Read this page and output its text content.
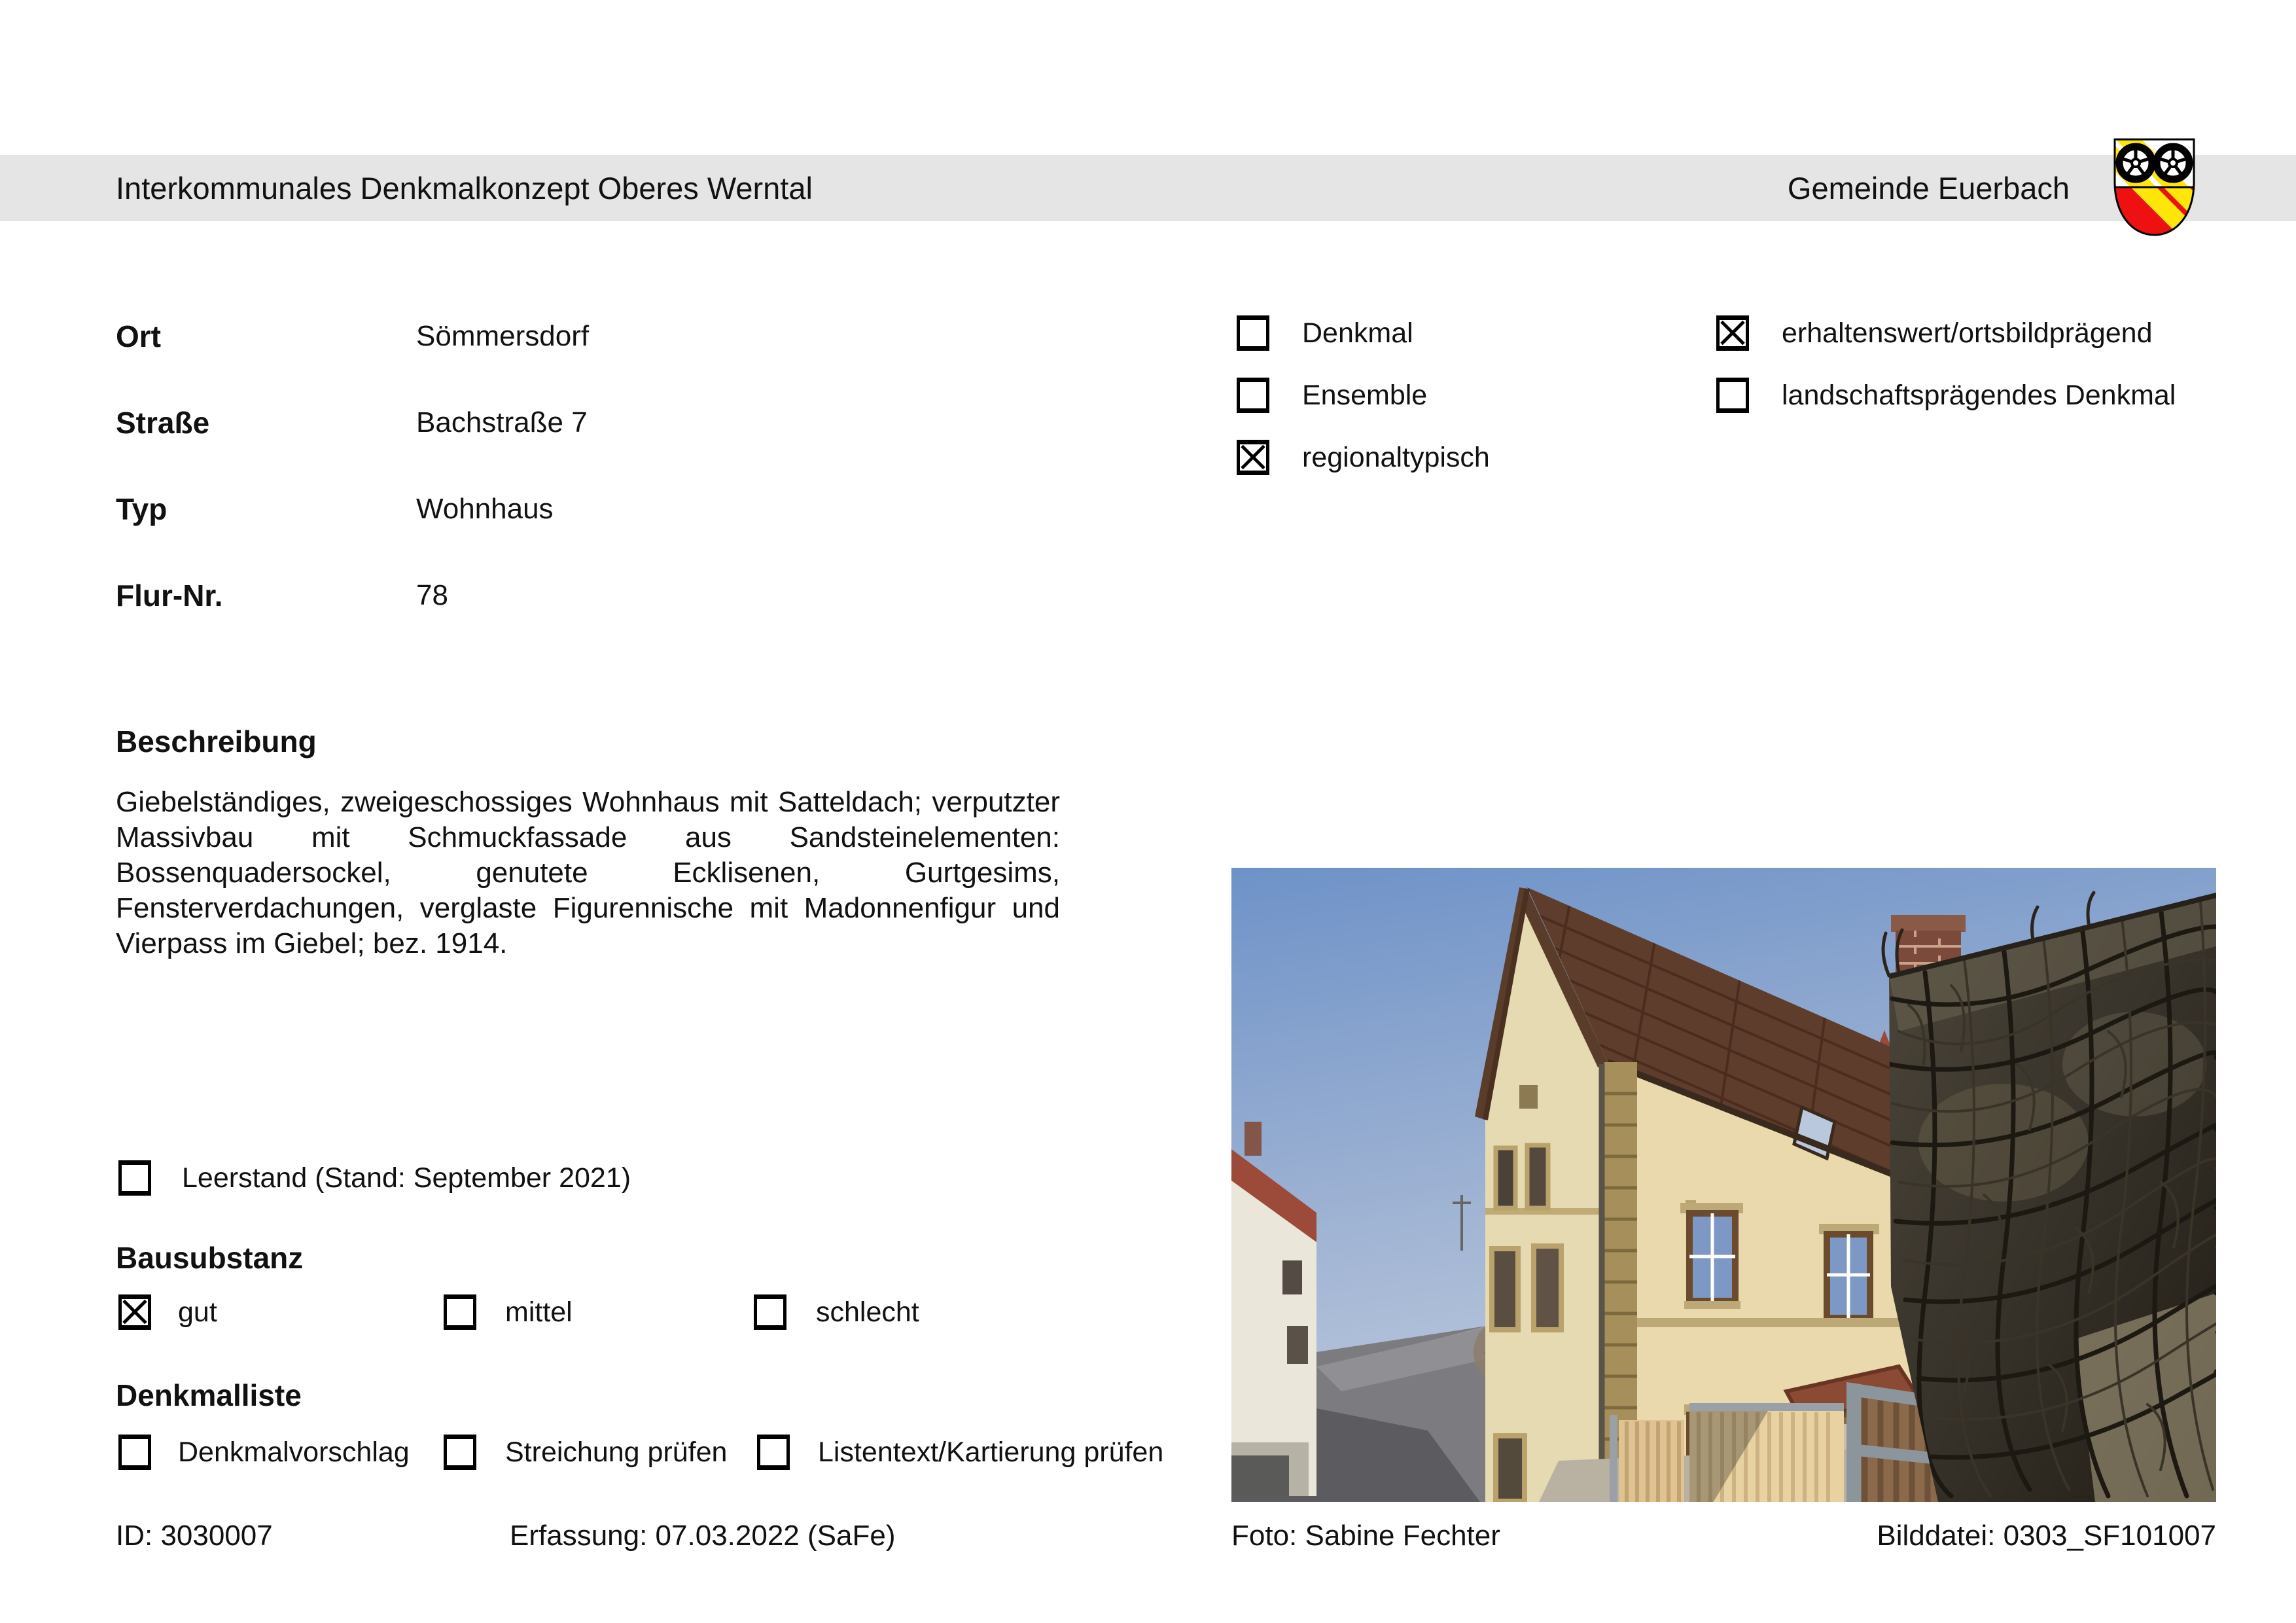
Interkommunales Denkmalkonzept Oberes Werntal	Gemeinde Euerbach
Ort	Sömmersdorf
Straße	Bachstraße 7
Typ	Wohnhaus
Flur-Nr.	78
Denkmal
Ensemble
regionaltypisch
erhaltenswert/ortsbildprägend
landschaftsprägendes Denkmal
Beschreibung
Giebelständiges, zweigeschossiges Wohnhaus mit Satteldach; verputzter Massivbau mit Schmuckfassade aus Sandsteinelementen: Bossenquadersockel, genutete Ecklisenen, Gurtgesims, Fensterverdachungen, verglaste Figurennische mit Madonnenfigur und Vierpass im Giebel; bez. 1914.
Leerstand (Stand: September 2021)
Bausubstanz
gut	mittel	schlecht
Denkmalliste
Denkmalvorschlag	Streichung prüfen	Listentext/Kartierung prüfen
ID: 3030007	Erfassung: 07.03.2022 (SaFe)	Foto: Sabine Fechter	Bilddatei: 0303_SF101007
